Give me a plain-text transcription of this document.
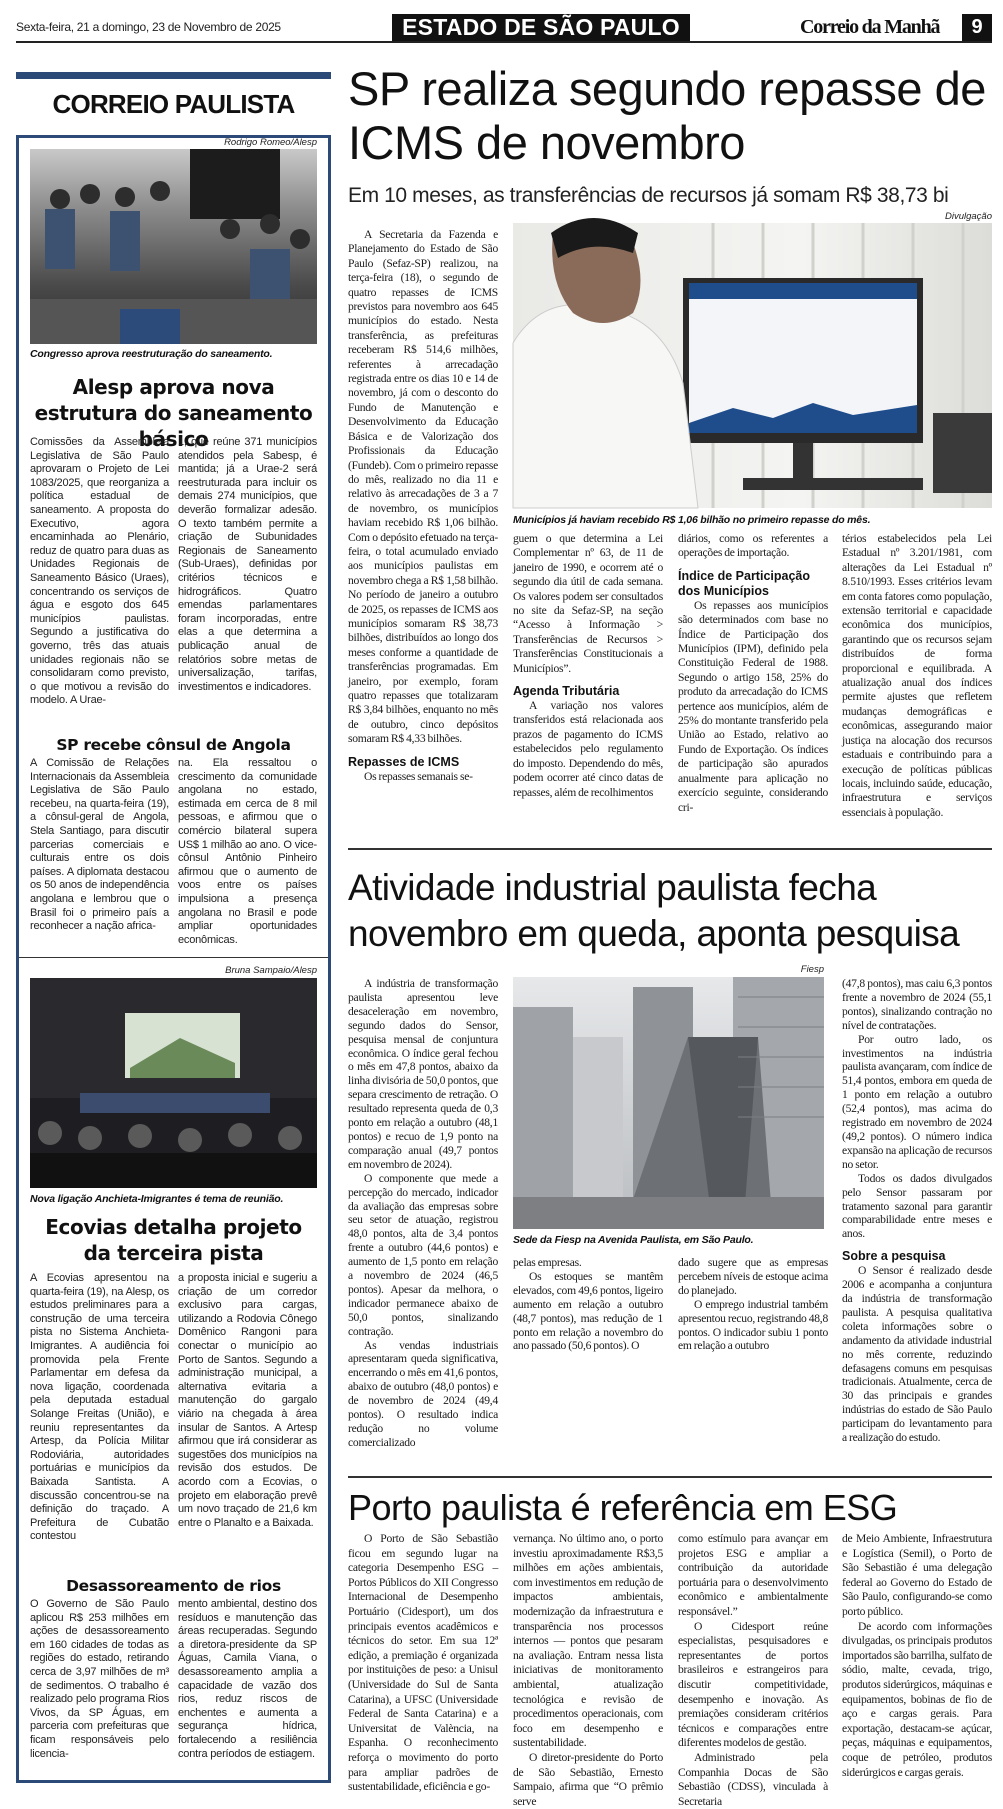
Sexta-feira, 21 a domingo, 23 de Novembro de 2025	ESTADO DE SÃO PAULO	Correio da Manhã	9
CORREIO PAULISTA
Rodrigo Romeo/Alesp
Congresso aprova reestruturação do saneamento.
Alesp aprova nova estrutura do saneamento básico

Comissões da Assembleia Legislativa de São Paulo aprovaram o Projeto de Lei 1083/2025, que reorganiza a política estadual de saneamento. A proposta do Executivo, agora encaminhada ao Plenário, reduz de quatro para duas as Unidades Regionais de Saneamento Básico (Uraes), concentrando os serviços de água e esgoto dos 645 municípios paulistas. Segundo a justificativa do governo, três das atuais unidades regionais não se consolidaram como previsto, o que motivou a revisão do modelo. A Urae-

1, que reúne 371 municípios atendidos pela Sabesp, é mantida; já a Urae-2 será reestruturada para incluir os demais 274 municípios, que deverão formalizar adesão. O texto também permite a criação de Subunidades Regionais de Saneamento (Sub-Uraes), definidas por critérios técnicos e hidrográficos. Quatro emendas parlamentares foram incorporadas, entre elas a que determina a publicação anual de relatórios sobre metas de universalização, tarifas, investimentos e indicadores.

SP recebe cônsul de Angola

A Comissão de Relações Internacionais da Assembleia Legislativa de São Paulo recebeu, na quarta-feira (19), a cônsul-geral de Angola, Stela Santiago, para discutir parcerias comerciais e culturais entre os dois países. A diplomata destacou os 50 anos de independência angolana e lembrou que o Brasil foi o primeiro país a reconhecer a nação africa-

na. Ela ressaltou o crescimento da comunidade angolana no estado, estimada em cerca de 8 mil pessoas, e afirmou que o comércio bilateral supera US$ 1 milhão ao ano. O vice-cônsul Antônio Pinheiro afirmou que o aumento de voos entre os países impulsiona a presença angolana no Brasil e pode ampliar oportunidades econômicas.

Bruna Sampaio/Alesp
Nova ligação Anchieta-Imigrantes é tema de reunião.
Ecovias detalha projeto da terceira pista

A Ecovias apresentou na quarta-feira (19), na Alesp, os estudos preliminares para a construção de uma terceira pista no Sistema Anchieta-Imigrantes. A audiência foi promovida pela Frente Parlamentar em defesa da nova ligação, coordenada pela deputada estadual Solange Freitas (União), e reuniu representantes da Artesp, da Polícia Militar Rodoviária, autoridades portuárias e municípios da Baixada Santista. A discussão concentrou-se na definição do traçado. A Prefeitura de Cubatão contestou

a proposta inicial e sugeriu a criação de um corredor exclusivo para cargas, utilizando a Rodovia Cônego Domênico Rangoni para conectar o município ao Porto de Santos. Segundo a administração municipal, a alternativa evitaria a manutenção do gargalo viário na chegada à área insular de Santos. A Artesp afirmou que irá considerar as sugestões dos municípios na revisão dos estudos. De acordo com a Ecovias, o projeto em elaboração prevê um novo traçado de 21,6 km entre o Planalto e a Baixada.

Desassoreamento de rios

O Governo de São Paulo aplicou R$ 253 milhões em ações de desassoreamento em 160 cidades de todas as regiões do estado, retirando cerca de 3,97 milhões de m³ de sedimentos. O trabalho é realizado pelo programa Rios Vivos, da SP Águas, em parceria com prefeituras que ficam responsáveis pelo licencia-

mento ambiental, destino dos resíduos e manutenção das áreas recuperadas. Segundo a diretora-presidente da SP Águas, Camila Viana, o desassoreamento amplia a capacidade de vazão dos rios, reduz riscos de enchentes e aumenta a segurança hídrica, fortalecendo a resiliência contra períodos de estiagem.

SP realiza segundo repasse de ICMS de novembro
Em 10 meses, as transferências de recursos já somam R$ 38,73 bi
Divulgação
Municípios já haviam recebido R$ 1,06 bilhão no primeiro repasse do mês.

A Secretaria da Fazenda e Planejamento do Estado de São Paulo (Sefaz-SP) realizou, na terça-feira (18), o segundo de quatro repasses de ICMS previstos para novembro aos 645 municípios do estado. Nesta transferência, as prefeituras receberam R$ 514,6 milhões, referentes à arrecadação registrada entre os dias 10 e 14 de novembro, já com o desconto do Fundo de Manutenção e Desenvolvimento da Educação Básica e de Valorização dos Profissionais da Educação (Fundeb). Com o primeiro repasse do mês, realizado no dia 11 e relativo às arrecadações de 3 a 7 de novembro, os municípios haviam recebido R$ 1,06 bilhão. Com o depósito efetuado na terça-feira, o total acumulado enviado aos municípios paulistas em novembro chega a R$ 1,58 bilhão. No período de janeiro a outubro de 2025, os repasses de ICMS aos municípios somaram R$ 38,73 bilhões, distribuídos ao longo dos meses conforme a quantidade de transferências programadas. Em janeiro, por exemplo, foram quatro repasses que totalizaram R$ 3,84 bilhões, enquanto no mês de outubro, cinco depósitos somaram R$ 4,33 bilhões.

Repasses de ICMS

Os repasses semanais se-

guem o que determina a Lei Complementar nº 63, de 11 de janeiro de 1990, e ocorrem até o segundo dia útil de cada semana. Os valores podem ser consultados no site da Sefaz-SP, na seção “Acesso à Informação > Transferências de Recursos > Transferências Constitucionais a Municípios”.

Agenda Tributária

A variação nos valores transferidos está relacionada aos prazos de pagamento do ICMS estabelecidos pelo regulamento do imposto. Dependendo do mês, podem ocorrer até cinco datas de repasses, além de recolhimentos

diários, como os referentes a operações de importação.

Índice de Participação dos Municípios

Os repasses aos municípios são determinados com base no Índice de Participação dos Municípios (IPM), definido pela Constituição Federal de 1988. Segundo o artigo 158, 25% do produto da arrecadação do ICMS pertence aos municípios, além de 25% do montante transferido pela União ao Estado, relativo ao Fundo de Exportação. Os índices de participação são apurados anualmente para aplicação no exercício seguinte, considerando cri-

térios estabelecidos pela Lei Estadual nº 3.201/1981, com alterações da Lei Estadual nº 8.510/1993. Esses critérios levam em conta fatores como população, extensão territorial e capacidade econômica dos municípios, garantindo que os recursos sejam distribuídos de forma proporcional e equilibrada. A atualização anual dos índices permite ajustes que refletem mudanças demográficas e econômicas, assegurando maior justiça na alocação dos recursos estaduais e contribuindo para a execução de políticas públicas locais, incluindo saúde, educação, infraestrutura e serviços essenciais à população.

Atividade industrial paulista fecha novembro em queda, aponta pesquisa
Fiesp
Sede da Fiesp na Avenida Paulista, em São Paulo.

A indústria de transformação paulista apresentou leve desaceleração em novembro, segundo dados do Sensor, pesquisa mensal de conjuntura econômica. O índice geral fechou o mês em 47,8 pontos, abaixo da linha divisória de 50,0 pontos, que separa crescimento de retração. O resultado representa queda de 0,3 ponto em relação a outubro (48,1 pontos) e recuo de 1,9 ponto na comparação anual (49,7 pontos em novembro de 2024).

O componente que mede a percepção do mercado, indicador da avaliação das empresas sobre seu setor de atuação, registrou 48,0 pontos, alta de 3,4 pontos frente a outubro (44,6 pontos) e aumento de 1,5 ponto em relação a novembro de 2024 (46,5 pontos). Apesar da melhora, o indicador permanece abaixo de 50,0 pontos, sinalizando contração.

As vendas industriais apresentaram queda significativa, encerrando o mês em 41,6 pontos, abaixo de outubro (48,0 pontos) e de novembro de 2024 (49,4 pontos). O resultado indica redução no volume comercializado

pelas empresas.

Os estoques se mantêm elevados, com 49,6 pontos, ligeiro aumento em relação a outubro (48,7 pontos), mas redução de 1 ponto em relação a novembro do ano passado (50,6 pontos). O

dado sugere que as empresas percebem níveis de estoque acima do planejado.

O emprego industrial também apresentou recuo, registrando 48,8 pontos. O indicador subiu 1 ponto em relação a outubro

(47,8 pontos), mas caiu 6,3 pontos frente a novembro de 2024 (55,1 pontos), sinalizando contração no nível de contratações.

Por outro lado, os investimentos na indústria paulista avançaram, com índice de 51,4 pontos, embora em queda de 1 ponto em relação a outubro (52,4 pontos), mas acima do registrado em novembro de 2024 (49,2 pontos). O número indica expansão na aplicação de recursos no setor.

Todos os dados divulgados pelo Sensor passaram por tratamento sazonal para garantir comparabilidade entre meses e anos.

Sobre a pesquisa

O Sensor é realizado desde 2006 e acompanha a conjuntura da indústria de transformação paulista. A pesquisa qualitativa coleta informações sobre o andamento da atividade industrial no mês corrente, reduzindo defasagens comuns em pesquisas tradicionais. Atualmente, cerca de 30 das principais e grandes indústrias do estado de São Paulo participam do levantamento para a realização do estudo.

Porto paulista é referência em ESG

O Porto de São Sebastião ficou em segundo lugar na categoria Desempenho ESG – Portos Públicos do XII Congresso Internacional de Desempenho Portuário (Cidesport), um dos principais eventos acadêmicos e técnicos do setor. Em sua 12ª edição, a premiação é organizada por instituições de peso: a Unisul (Universidade do Sul de Santa Catarina), a UFSC (Universidade Federal de Santa Catarina) e a Universitat de València, na Espanha. O reconhecimento reforça o movimento do porto para ampliar padrões de sustentabilidade, eficiência e go-

vernança. No último ano, o porto investiu aproximadamente R$3,5 milhões em ações ambientais, com investimentos em redução de impactos ambientais, modernização da infraestrutura e transparência nos processos internos — pontos que pesaram na avaliação. Entram nessa lista iniciativas de monitoramento ambiental, atualização tecnológica e revisão de procedimentos operacionais, com foco em desempenho e sustentabilidade.

O diretor-presidente do Porto de São Sebastião, Ernesto Sampaio, afirma que “O prêmio serve

como estímulo para avançar em projetos ESG e ampliar a contribuição da autoridade portuária para o desenvolvimento econômico e ambientalmente responsável.”

O Cidesport reúne especialistas, pesquisadores e representantes de portos brasileiros e estrangeiros para discutir competitividade, desempenho e inovação. As premiações consideram critérios técnicos e comparações entre diferentes modelos de gestão.

Administrado pela Companhia Docas de São Sebastião (CDSS), vinculada à Secretaria

de Meio Ambiente, Infraestrutura e Logística (Semil), o Porto de São Sebastião é uma delegação federal ao Governo do Estado de São Paulo, configurando-se como porto público.

De acordo com informações divulgadas, os principais produtos importados são barrilha, sulfato de sódio, malte, cevada, trigo, produtos siderúrgicos, máquinas e equipamentos, bobinas de fio de aço e cargas gerais. Para exportação, destacam-se açúcar, peças, máquinas e equipamentos, coque de petróleo, produtos siderúrgicos e cargas gerais.
